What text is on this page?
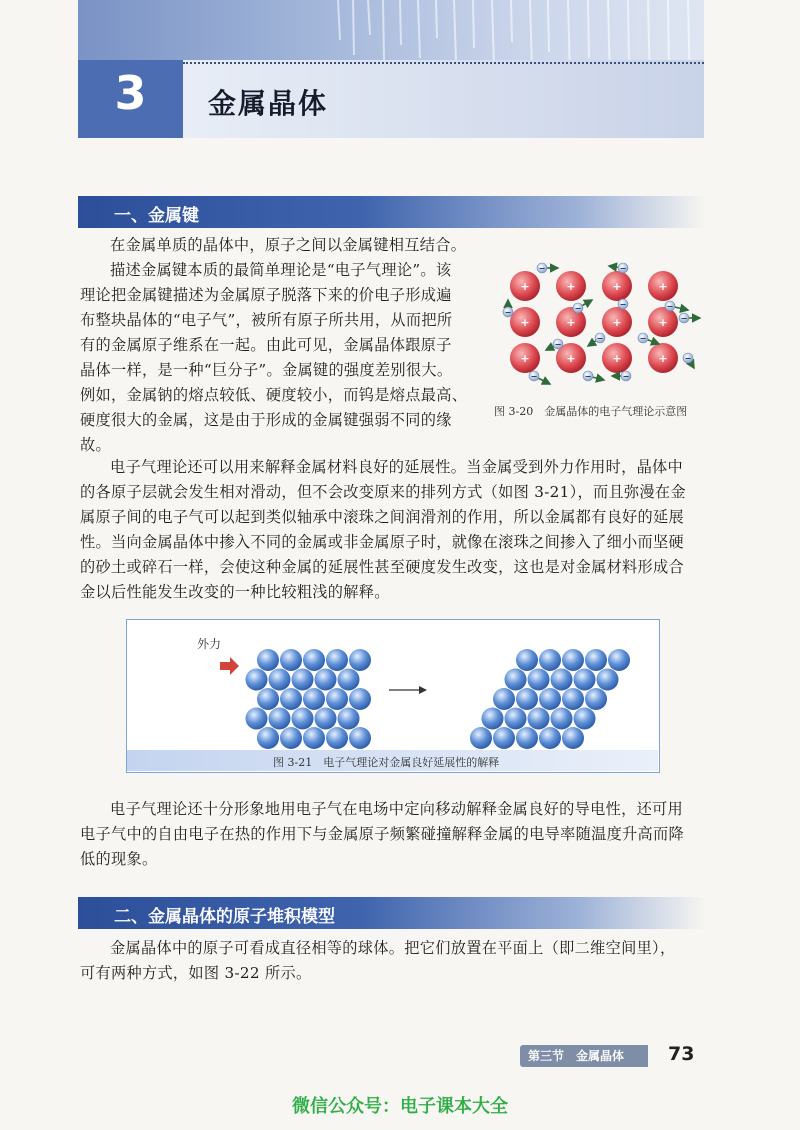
3	金属晶体
一、金属键
在金属单质的晶体中，原子之间以金属键相互结合。
描述金属键本质的最简单理论是“电子气理论”。该
理论把金属键描述为金属原子脱落下来的价电子形成遍
布整块晶体的“电子气”，被所有原子所共用，从而把所
有的金属原子维系在一起。由此可见，金属晶体跟原子
晶体一样，是一种“巨分子”。金属键的强度差别很大。
例如，金属钠的熔点较低、硬度较小，而钨是熔点最高、
硬度很大的金属，这是由于形成的金属键强弱不同的缘
故。
+	+	+	+
+	+	+	+
+	+	+	+
−	−
−	−
−
−
−
−
−	−	−
−
−
−
图 3-20　金属晶体的电子气理论示意图
电子气理论还可以用来解释金属材料良好的延展性。当金属受到外力作用时，晶体中
的各原子层就会发生相对滑动，但不会改变原来的排列方式（如图 3-21），而且弥漫在金
属原子间的电子气可以起到类似轴承中滚珠之间润滑剂的作用，所以金属都有良好的延展
性。当向金属晶体中掺入不同的金属或非金属原子时，就像在滚珠之间掺入了细小而坚硬
的砂土或碎石一样，会使这种金属的延展性甚至硬度发生改变，这也是对金属材料形成合
金以后性能发生改变的一种比较粗浅的解释。
外力
图 3-21　电子气理论对金属良好延展性的解释
电子气理论还十分形象地用电子气在电场中定向移动解释金属良好的导电性，还可用
电子气中的自由电子在热的作用下与金属原子频繁碰撞解释金属的电导率随温度升高而降
低的现象。
二、金属晶体的原子堆积模型
金属晶体中的原子可看成直径相等的球体。把它们放置在平面上（即二维空间里），
可有两种方式，如图 3-22 所示。
第三节　金属晶体 73
微信公众号：电子课本大全
